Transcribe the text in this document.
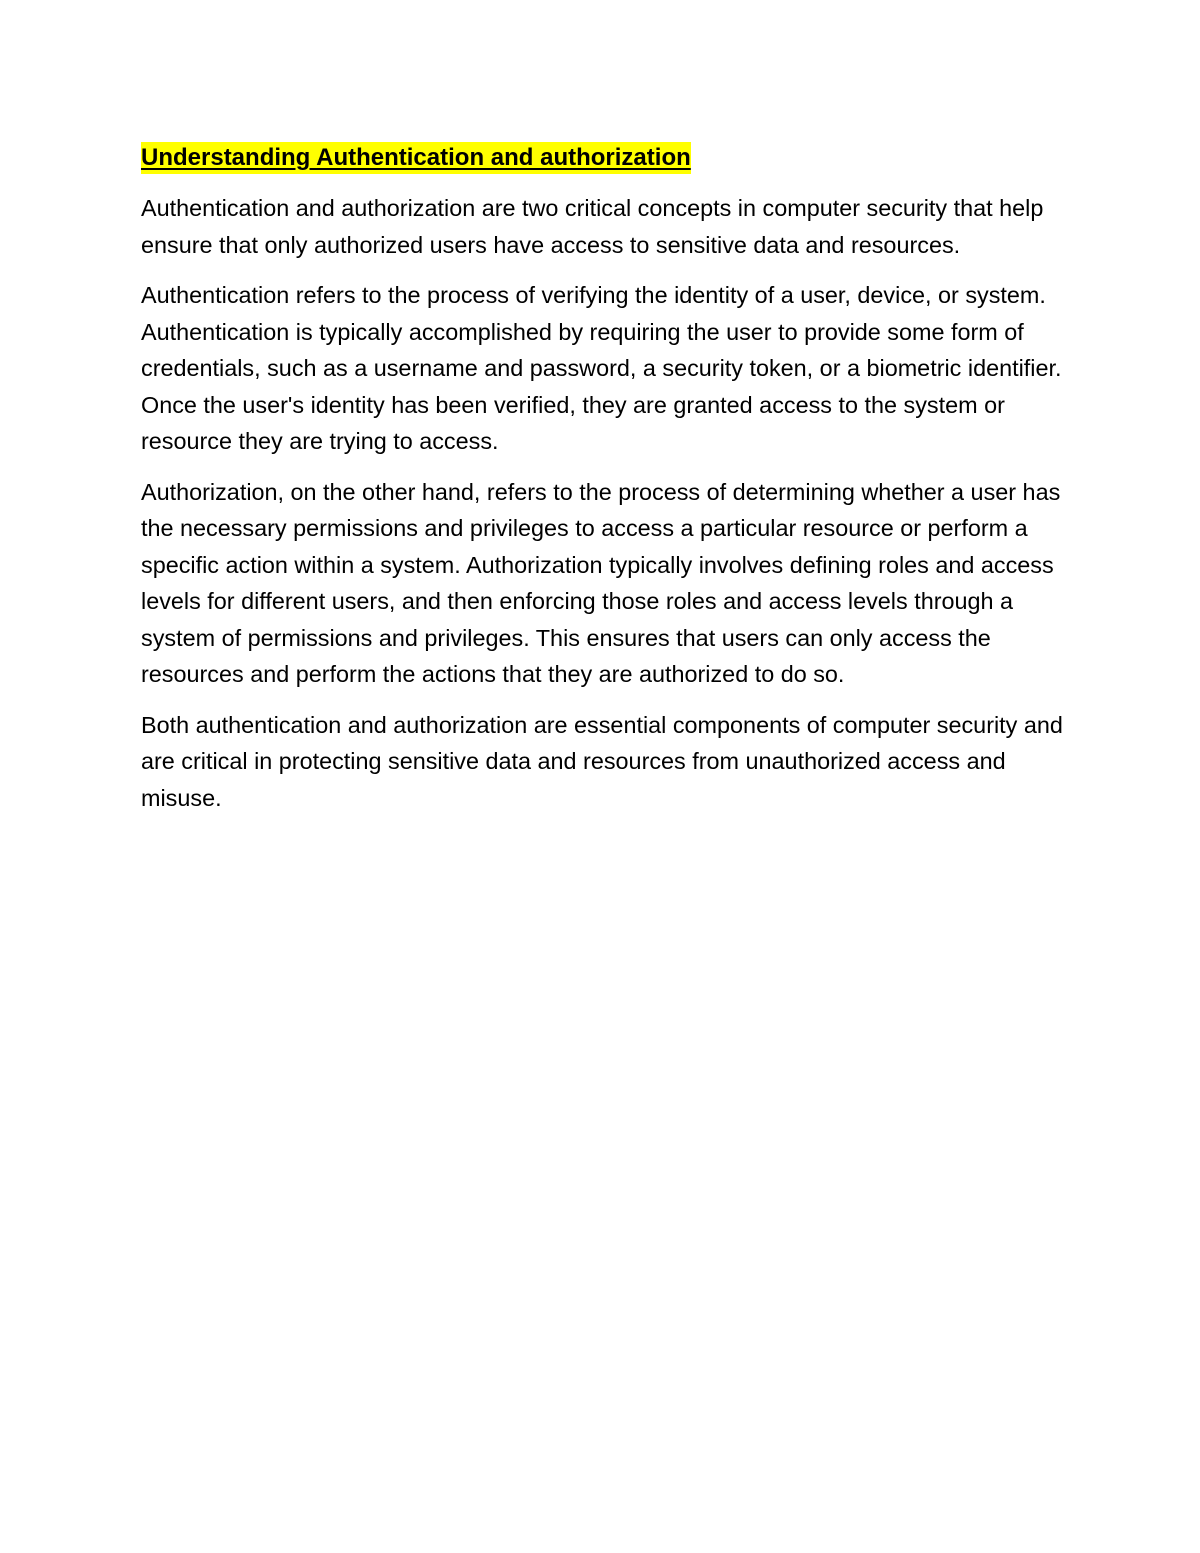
Understanding Authentication and authorization

Authentication and authorization are two critical concepts in computer security that help ensure that only authorized users have access to sensitive data and resources.

Authentication refers to the process of verifying the identity of a user, device, or system. Authentication is typically accomplished by requiring the user to provide some form of credentials, such as a username and password, a security token, or a biometric identifier. Once the user's identity has been verified, they are granted access to the system or resource they are trying to access.

Authorization, on the other hand, refers to the process of determining whether a user has the necessary permissions and privileges to access a particular resource or perform a specific action within a system. Authorization typically involves defining roles and access levels for different users, and then enforcing those roles and access levels through a system of permissions and privileges. This ensures that users can only access the resources and perform the actions that they are authorized to do so.

Both authentication and authorization are essential components of computer security and are critical in protecting sensitive data and resources from unauthorized access and misuse.
